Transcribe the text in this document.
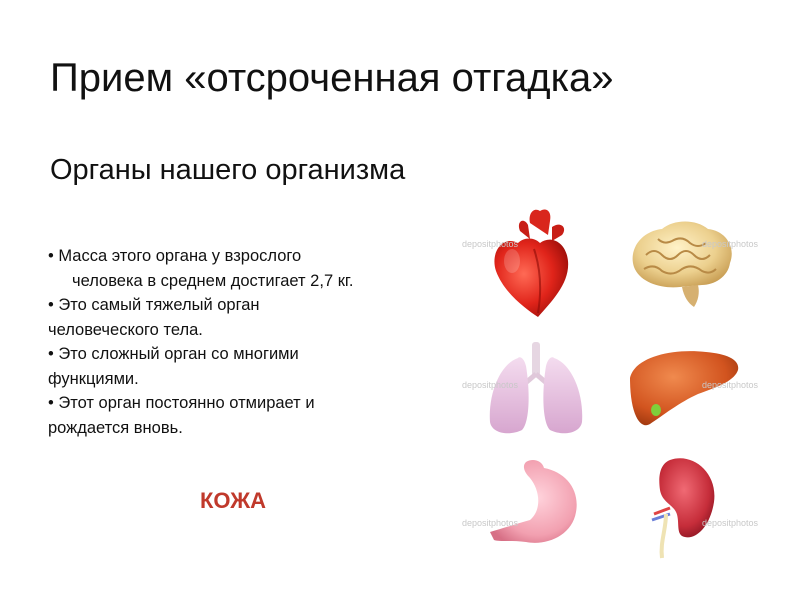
Прием «отсроченная отгадка»
Органы нашего организма
• Масса этого органа у взрослого
человека в среднем достигает 2,7 кг.
• Это самый тяжелый орган
человеческого тела.
• Это сложный орган со многими
функциями.
• Этот орган постоянно отмирает и
рождается вновь.
КОЖА
depositphotos	depositphotos
depositphotos	depositphotos
depositphotos	depositphotos
